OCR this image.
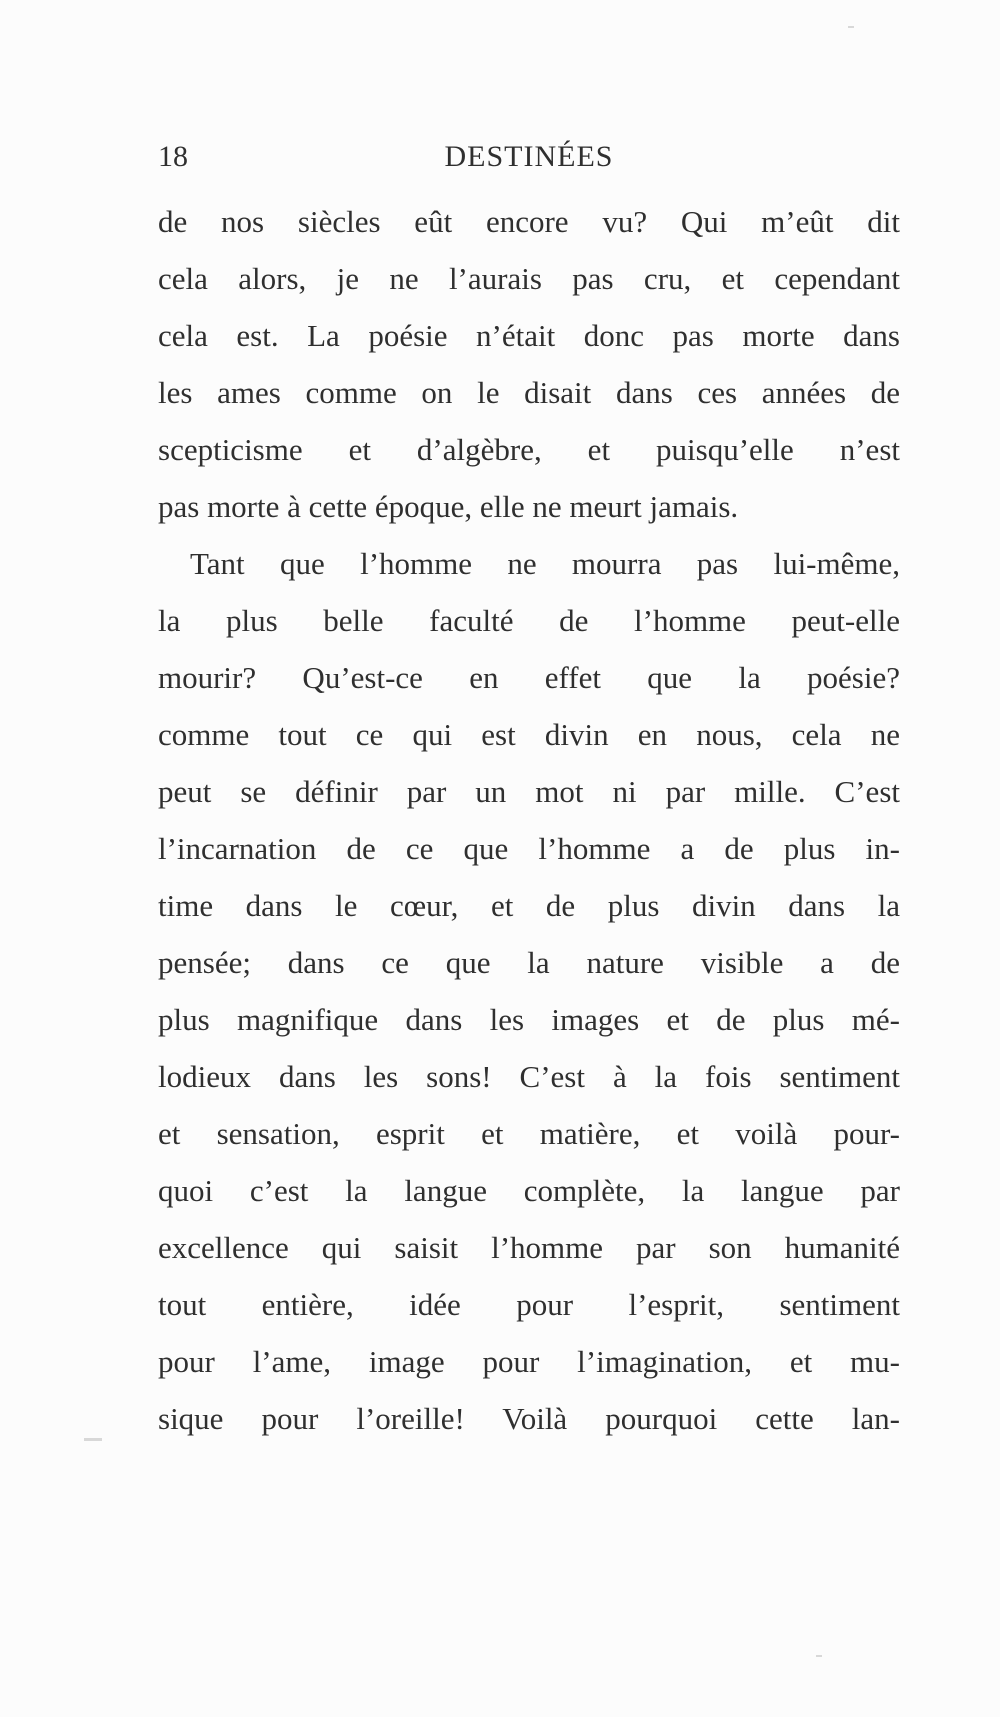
18	DESTINÉES
de nos siècles eût encore vu? Qui m’eût dit
cela alors, je ne l’aurais pas cru, et cependant
cela est. La poésie n’était donc pas morte dans
les ames comme on le disait dans ces années de
scepticisme et d’algèbre, et puisqu’elle n’est
pas morte à cette époque, elle ne meurt jamais.
Tant que l’homme ne mourra pas lui-même,
la plus belle faculté de l’homme peut-elle
mourir? Qu’est-ce en effet que la poésie?
comme tout ce qui est divin en nous, cela ne
peut se définir par un mot ni par mille. C’est
l’incarnation de ce que l’homme a de plus in-
time dans le cœur, et de plus divin dans la
pensée; dans ce que la nature visible a de
plus magnifique dans les images et de plus mé-
lodieux dans les sons! C’est à la fois sentiment
et sensation, esprit et matière, et voilà pour-
quoi c’est la langue complète, la langue par
excellence qui saisit l’homme par son humanité
tout entière, idée pour l’esprit, sentiment
pour l’ame, image pour l’imagination, et mu-
sique pour l’oreille! Voilà pourquoi cette lan-
